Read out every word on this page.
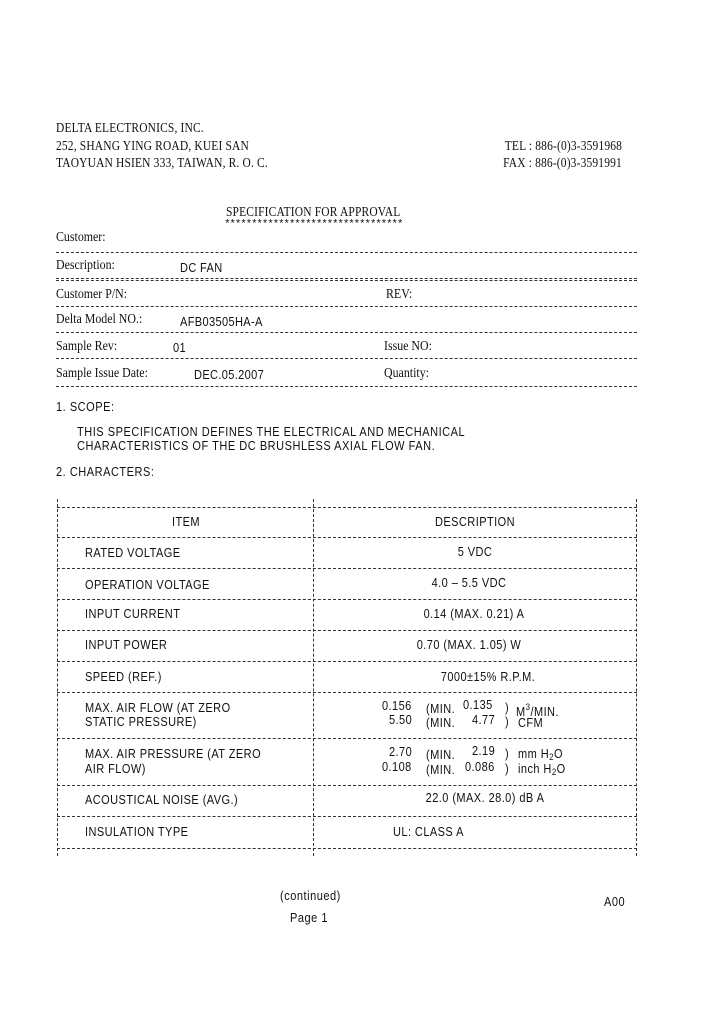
DELTA ELECTRONICS, INC.
252, SHANG YING ROAD, KUEI SAN
TAOYUAN HSIEN 333, TAIWAN, R. O. C.
TEL : 886-(0)3-3591968
FAX : 886-(0)3-3591991
SPECIFICATION FOR APPROVAL
*********************************
Customer:
Description:	DC FAN
Customer P/N:	REV:
Delta Model NO.:	AFB03505HA-A
Sample Rev:	01	Issue NO:
Sample Issue Date:	DEC.05.2007	Quantity:
1. SCOPE:
THIS SPECIFICATION DEFINES THE ELECTRICAL AND MECHANICAL
CHARACTERISTICS OF THE DC BRUSHLESS AXIAL FLOW FAN.
2. CHARACTERS:
ITEM	DESCRIPTION
RATED VOLTAGE	5 VDC
OPERATION VOLTAGE	4.0 – 5.5 VDC
INPUT CURRENT	0.14 (MAX. 0.21) A
INPUT POWER	0.70 (MAX. 1.05) W
SPEED (REF.)	7000±15% R.P.M.
MAX. AIR FLOW (AT ZERO
STATIC PRESSURE)
0.156 (MIN. 0.135 ) $M^3$/MIN.
5.50 (MIN. 4.77 ) CFM
MAX. AIR PRESSURE (AT ZERO
AIR FLOW)
2.70 (MIN. 2.19 ) mm $H_2O$
0.108 (MIN. 0.086 ) inch $H_2O$
ACOUSTICAL NOISE (AVG.)	22.0 (MAX. 28.0) dB A
INSULATION TYPE	UL: CLASS A
(continued)
Page 1
A00
